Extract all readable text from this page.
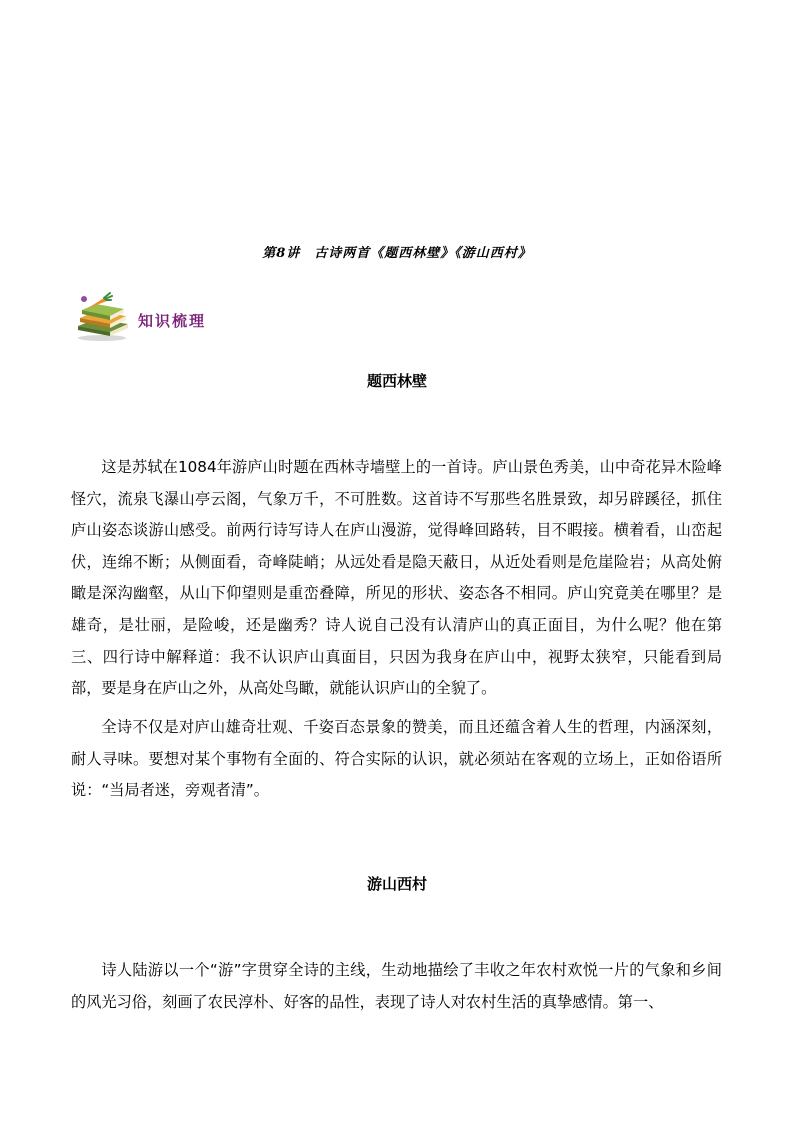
第8讲　古诗两首《题西林壁》《游山西村》
知识梳理
题西林壁

这是苏轼在1084年游庐山时题在西林寺墙壁上的一首诗。庐山景色秀美，山中奇花异木险峰怪穴，流泉飞瀑山亭云阁，气象万千，不可胜数。这首诗不写那些名胜景致，却另辟蹊径，抓住庐山姿态谈游山感受。前两行诗写诗人在庐山漫游，觉得峰回路转，目不暇接。横着看，山峦起伏，连绵不断；从侧面看，奇峰陡峭；从远处看是隐天蔽日，从近处看则是危崖险岩；从高处俯瞰是深沟幽壑，从山下仰望则是重峦叠障，所见的形状、姿态各不相同。庐山究竟美在哪里？是雄奇，是壮丽，是险峻，还是幽秀？诗人说自己没有认清庐山的真正面目，为什么呢？他在第三、四行诗中解释道：我不认识庐山真面目，只因为我身在庐山中，视野太狭窄，只能看到局部，要是身在庐山之外，从高处鸟瞰，就能认识庐山的全貌了。

全诗不仅是对庐山雄奇壮观、千姿百态景象的赞美，而且还蕴含着人生的哲理，内涵深刻，耐人寻味。要想对某个事物有全面的、符合实际的认识，就必须站在客观的立场上，正如俗语所说：“当局者迷，旁观者清”。

游山西村

诗人陆游以一个“游”字贯穿全诗的主线，生动地描绘了丰收之年农村欢悦一片的气象和乡间的风光习俗，刻画了农民淳朴、好客的品性，表现了诗人对农村生活的真挚感情。第一、
